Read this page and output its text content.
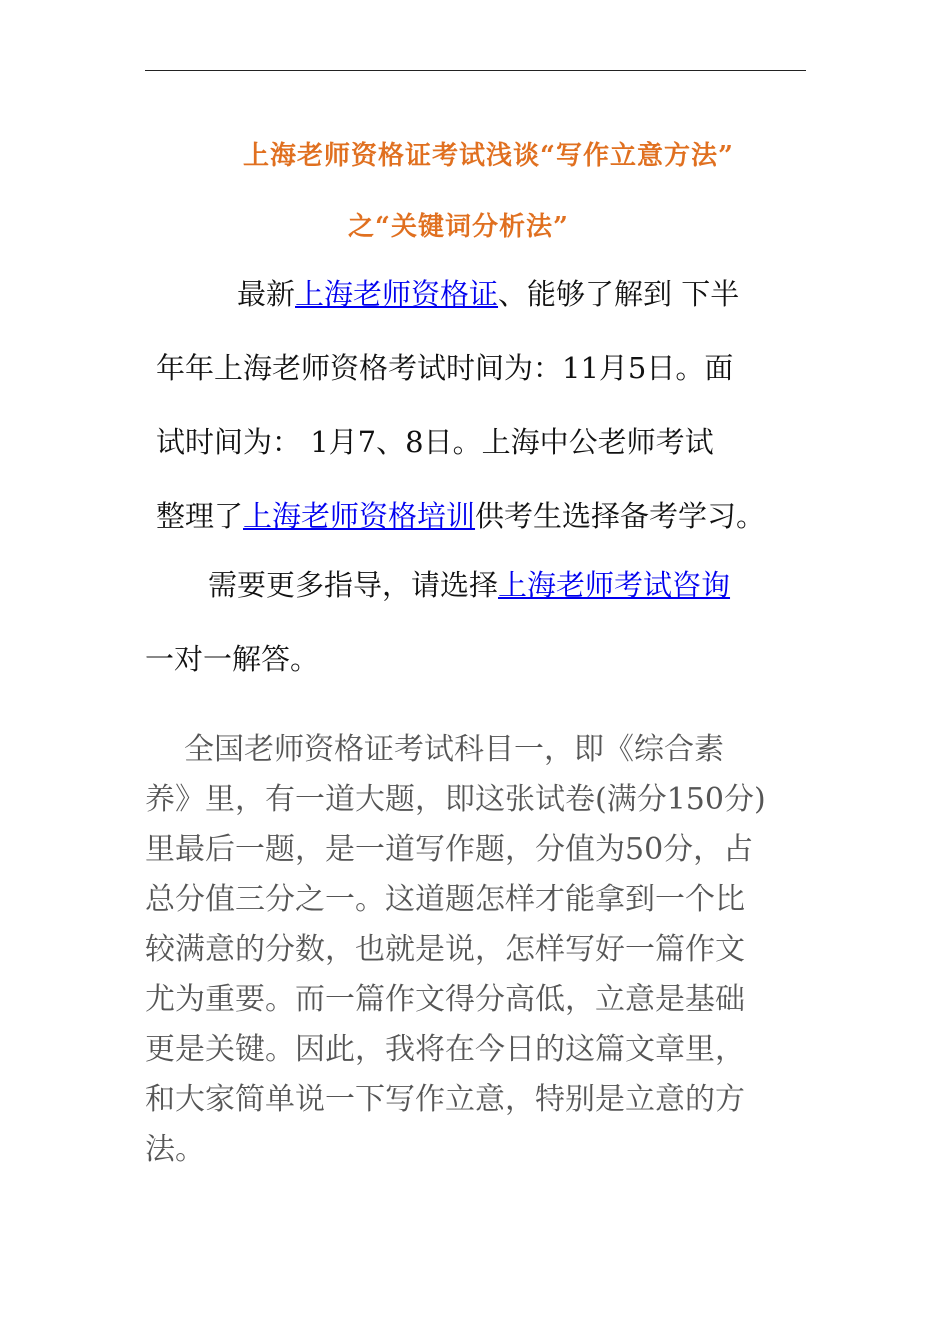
上海老师资格证考试浅谈“写作立意方法”
之“关键词分析法”
最新上海老师资格证、能够了解到 下半
年年上海老师资格考试时间为：11月5日。面
试时间为： 1月7、8日。上海中公老师考试
整理了上海老师资格培训供考生选择备考学习。
需要更多指导，请选择上海老师考试咨询
一对一解答。
全国老师资格证考试科目一，即《综合素
养》里，有一道大题，即这张试卷(满分150分)
里最后一题，是一道写作题，分值为50分，占
总分值三分之一。这道题怎样才能拿到一个比
较满意的分数，也就是说，怎样写好一篇作文
尤为重要。而一篇作文得分高低，立意是基础
更是关键。因此，我将在今日的这篇文章里，
和大家简单说一下写作立意，特别是立意的方
法。
